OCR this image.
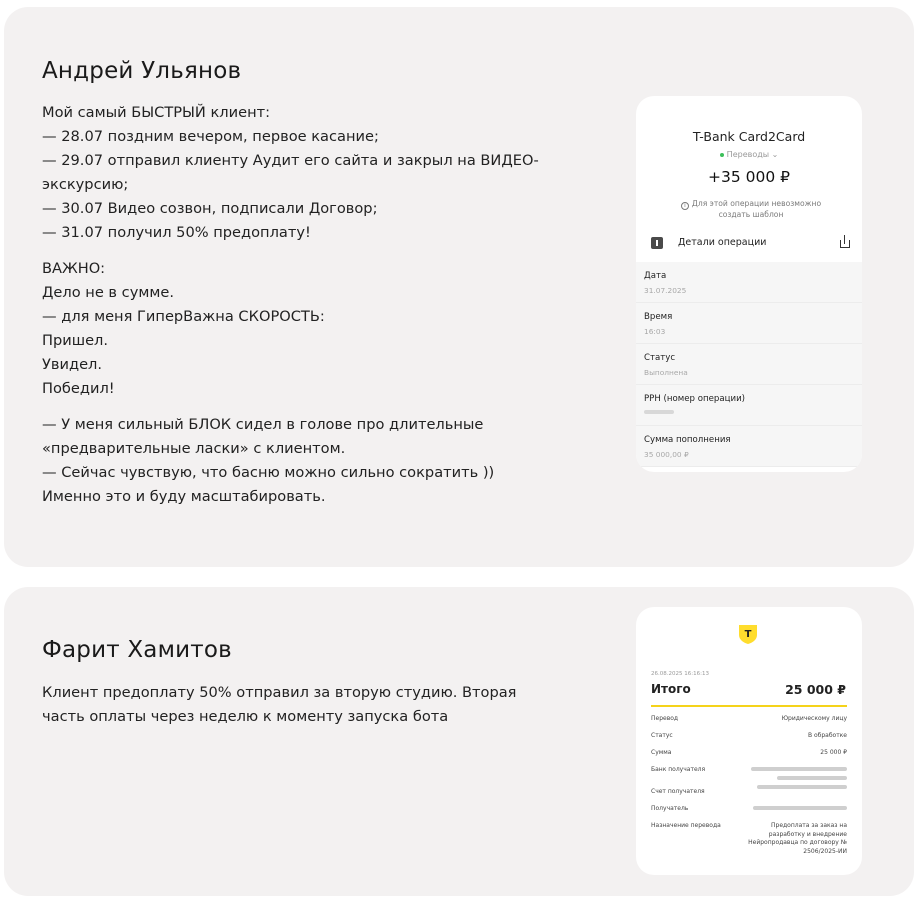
Андрей Ульянов
Мой самый БЫСТРЫЙ клиент:
— 28.07 поздним вечером, первое касание;
— 29.07 отправил клиенту Аудит его сайта и закрыл на ВИДЕО-
экскурсию;
— 30.07 Видео созвон, подписали Договор;
— 31.07 получил 50% предоплату!
ВАЖНО:
Дело не в сумме.
— для меня ГиперВажна СКОРОСТЬ:
Пришел.
Увидел.
Победил!
— У меня сильный БЛОК сидел в голове про длительные
«предварительные ласки» с клиентом.
— Сейчас чувствую, что басню можно сильно сократить ))
Именно это и буду масштабировать.
T-Bank Card2Card
Переводы ⌄
+35 000 ₽
i Для этой операции невозможно создать шаблон
Детали операции
Дата
31.07.2025
Время
16:03
Статус
Выполнена
РРН (номер операции)
Сумма пополнения
35 000,00 ₽
Фарит Хамитов
Клиент предоплату 50% отправил за вторую студию. Вторая
часть оплаты через неделю к моменту запуска бота
T
26.08.2025 16:16:13
Итого	25 000 ₽
Перевод	Юридическому лицу
Статус	В обработке
Сумма	25 000 ₽
Банк получателя
Счет получателя
Получатель
Назначение перевода	Предоплата за заказ на разработку и внедрение Нейропродавца по договору № 2506/2025-ИИ
